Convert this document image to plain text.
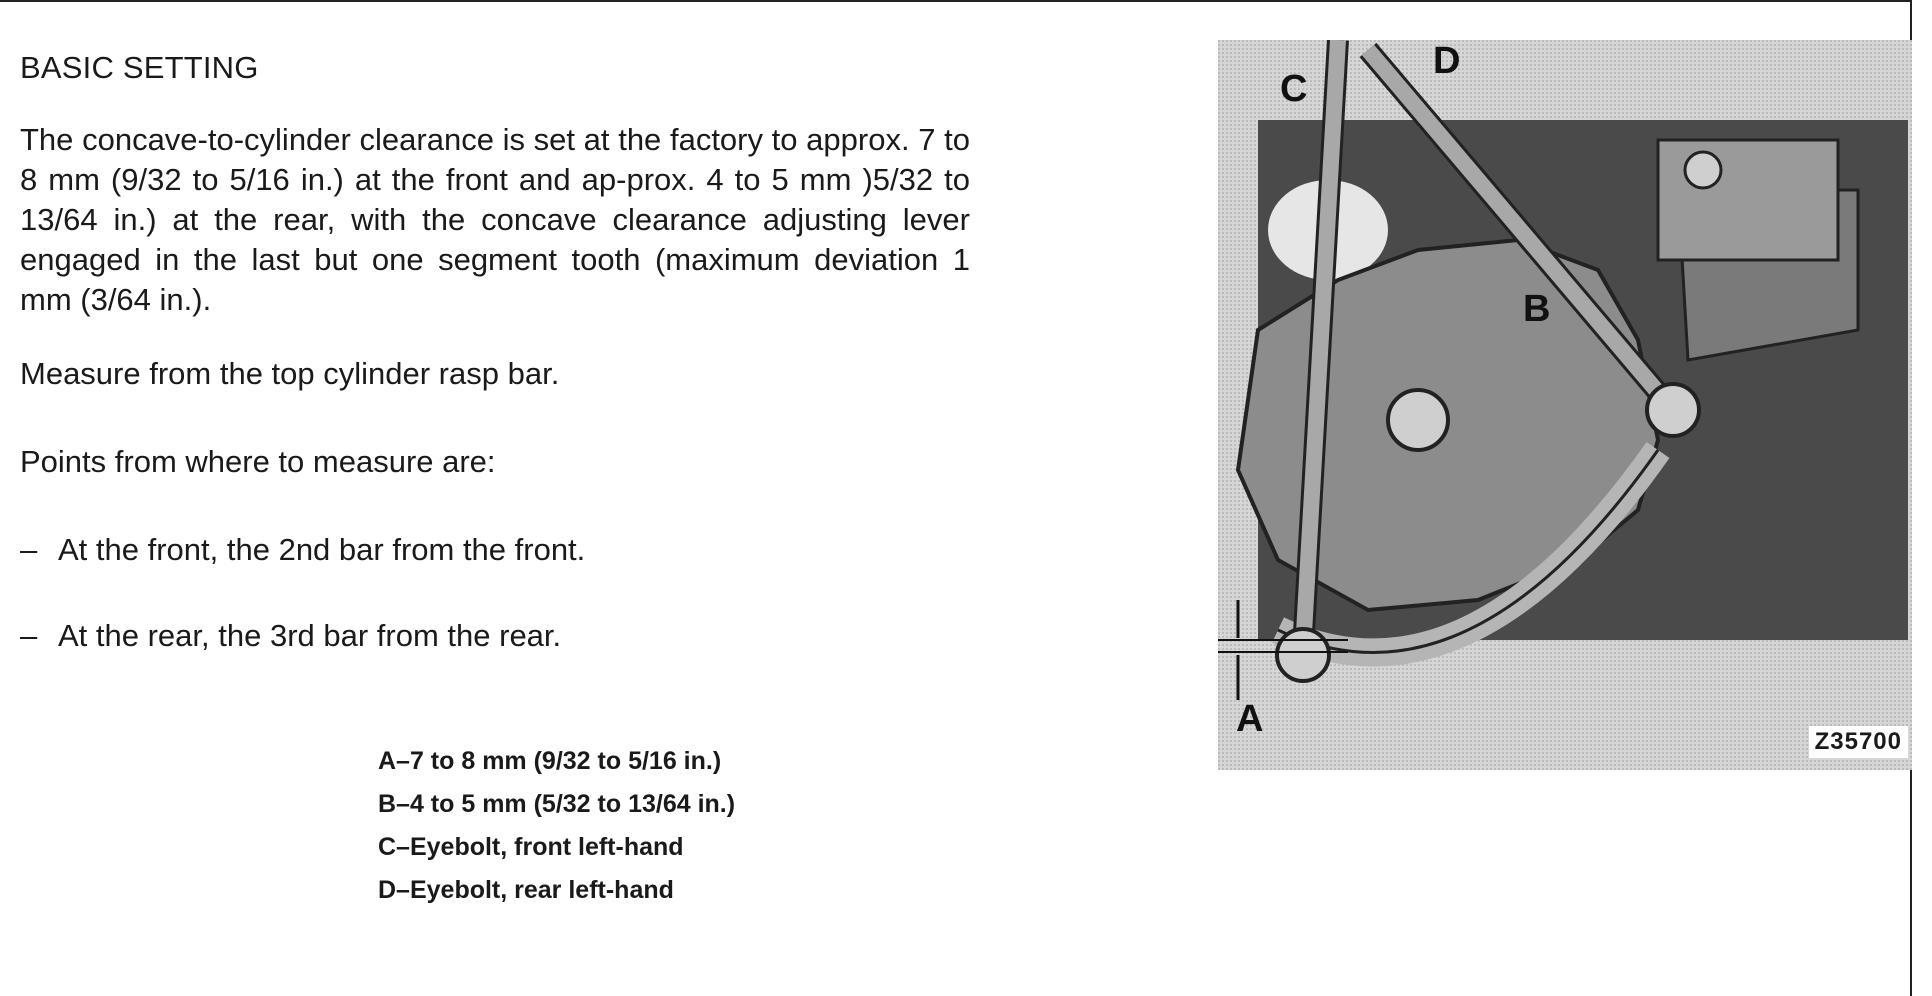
BASIC SETTING
The concave-to-cylinder clearance is set at the factory to approx. 7 to 8 mm (9/32 to 5/16 in.) at the front and ap-prox. 4 to 5 mm )5/32 to 13/64 in.) at the rear, with the concave clearance adjusting lever engaged in the last but one segment tooth (maximum deviation 1 mm (3/64 in.).
Measure from the top cylinder rasp bar.
Points from where to measure are:
– At the front, the 2nd bar from the front.
– At the rear, the 3rd bar from the rear.
A–7 to 8 mm (9/32 to 5/16 in.)
B–4 to 5 mm (5/32 to 13/64 in.)
C–Eyebolt, front left-hand
D–Eyebolt, rear left-hand
C
D
B
A
Z35700
